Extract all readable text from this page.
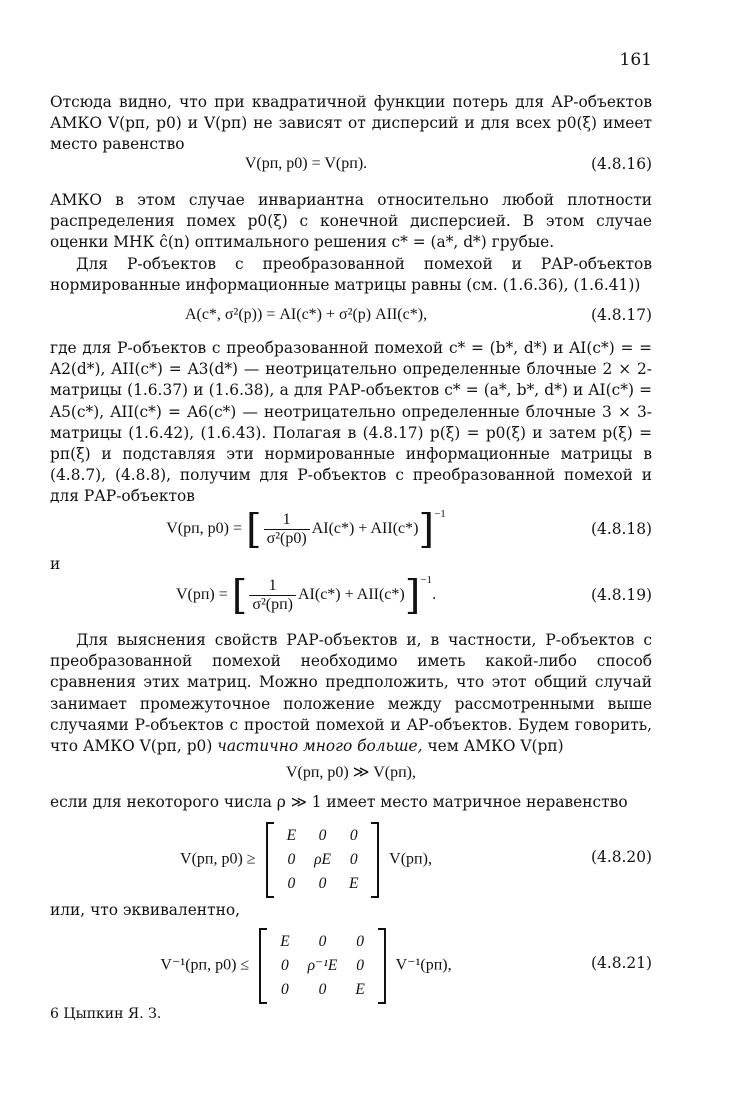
161
Отсюда видно, что при квадратичной функции потерь для АР-объектов АМКО V(pп, p0) и V(pп) не зависят от дисперсий и для всех p0(ξ) имеет место равенство
V(pп, p0) = V(pп).	(4.8.16)
АМКО в этом случае инвариантна относительно любой плотности распределения помех p0(ξ) с конечной дисперсией. В этом случае оценки МНК ĉ(n) оптимального решения c* = (a*, d*) грубые.
Для Р-объектов с преобразованной помехой и РАР-объектов нормированные информационные матрицы равны (см. (1.6.36), (1.6.41))
A(c*, σ²(p)) = AI(c*) + σ²(p) AII(c*),	(4.8.17)
где для Р-объектов с преобразованной помехой c* = (b*, d*) и AI(c*) = = A2(d*), AII(c*) = A3(d*) — неотрицательно определенные блочные 2 × 2-матрицы (1.6.37) и (1.6.38), а для РАР-объектов c* = (a*, b*, d*) и AI(c*) = A5(c*), AII(c*) = A6(c*) — неотрицательно определенные блочные 3 × 3-матрицы (1.6.42), (1.6.43). Полагая в (4.8.17) p(ξ) = p0(ξ) и затем p(ξ) = pп(ξ) и подставляя эти нормированные информационные матрицы в (4.8.7), (4.8.8), получим для Р-объектов с преобразованной помехой и для РАР-объектов
V(pп, p0) = [ $\frac{1}{\text{σ²(p0)}} AI(c*) + AII(c*)]^{-1}$
(4.8.18)
и
V(pп) = [ $\frac{1}{\text{σ²(pп)}} AI(c*) + AII(c*)]^{-1}$.	(4.8.19)
Для выяснения свойств РАР-объектов и, в частности, Р-объектов с преобразованной помехой необходимо иметь какой-либо способ сравнения этих матриц. Можно предположить, что этот общий случай занимает промежуточное положение между рассмотренными выше случаями Р-объектов с простой помехой и АР-объектов. Будем говорить, что АМКО V(pп, p0) частично много больше, чем АМКО V(pп)
V(pп, p0) ≫ V(pп),
если для некоторого числа ρ ≫ 1 имеет место матричное неравенство
V(pп, p0) ≥
E	0	0
0	ρE	0
0	0	E
V(pп),	(4.8.20)
или, что эквивалентно,
V⁻¹(pп, p0) ≤
E	0	0
0	ρ⁻¹E	0
0	0	E
V⁻¹(pп),	(4.8.21)
6 Цыпкин Я. З.
